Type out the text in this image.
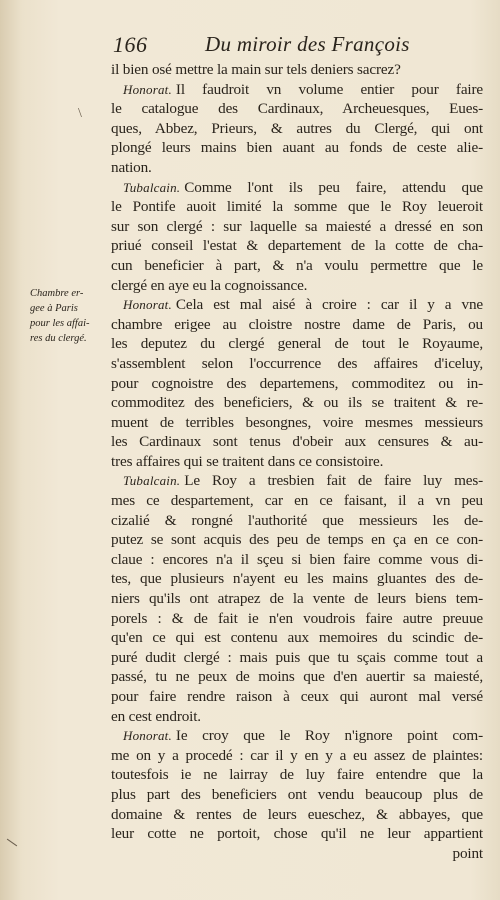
166	Du miroir des François
\
Chambre er-
gee à Paris
pour les affai-
res du clergé.
il bien osé mettre la main sur tels deniers sacrez?
Honorat. Il faudroit vn volume entier pour faire
le catalogue des Cardinaux, Archeuesques, Eues-
ques, Abbez, Prieurs, & autres du Clergé, qui ont
plongé leurs mains bien auant au fonds de ceste alie-
nation.
Tubalcain. Comme l'ont ils peu faire, attendu que
le Pontife auoit limité la somme que le Roy leueroit
sur son clergé : sur laquelle sa maiesté a dressé en son
priué conseil l'estat & departement de la cotte de cha-
cun beneficier à part, & n'a voulu permettre que le
clergé en aye eu la cognoissance.
Honorat. Cela est mal aisé à croire : car il y a vne
chambre erigee au cloistre nostre dame de Paris, ou
les deputez du clergé general de tout le Royaume,
s'assemblent selon l'occurrence des affaires d'iceluy,
pour cognoistre des departemens, commoditez ou in-
commoditez des beneficiers, & ou ils se traitent & re-
muent de terribles besongnes, voire mesmes messieurs
les Cardinaux sont tenus d'obeir aux censures & au-
tres affaires qui se traitent dans ce consistoire.
Tubalcain. Le Roy a tresbien fait de faire luy mes-
mes ce despartement, car en ce faisant, il a vn peu
cizalié & rongné l'authorité que messieurs les de-
putez se sont acquis des peu de temps en ça en ce con-
claue : encores n'a il sçeu si bien faire comme vous di-
tes, que plusieurs n'ayent eu les mains gluantes des de-
niers qu'ils ont atrapez de la vente de leurs biens tem-
porels : & de fait ie n'en voudrois faire autre preuue
qu'en ce qui est contenu aux memoires du scindic de-
puré dudit clergé : mais puis que tu sçais comme tout a
passé, tu ne peux de moins que d'en auertir sa maiesté,
pour faire rendre raison à ceux qui auront mal versé
en cest endroit.
Honorat. Ie croy que le Roy n'ignore point com-
me on y a procedé : car il y en y a eu assez de plaintes:
toutesfois ie ne lairray de luy faire entendre que la
plus part des beneficiers ont vendu beaucoup plus de
domaine & rentes de leurs eueschez, & abbayes, que
leur cotte ne portoit, chose qu'il ne leur appartient
point
